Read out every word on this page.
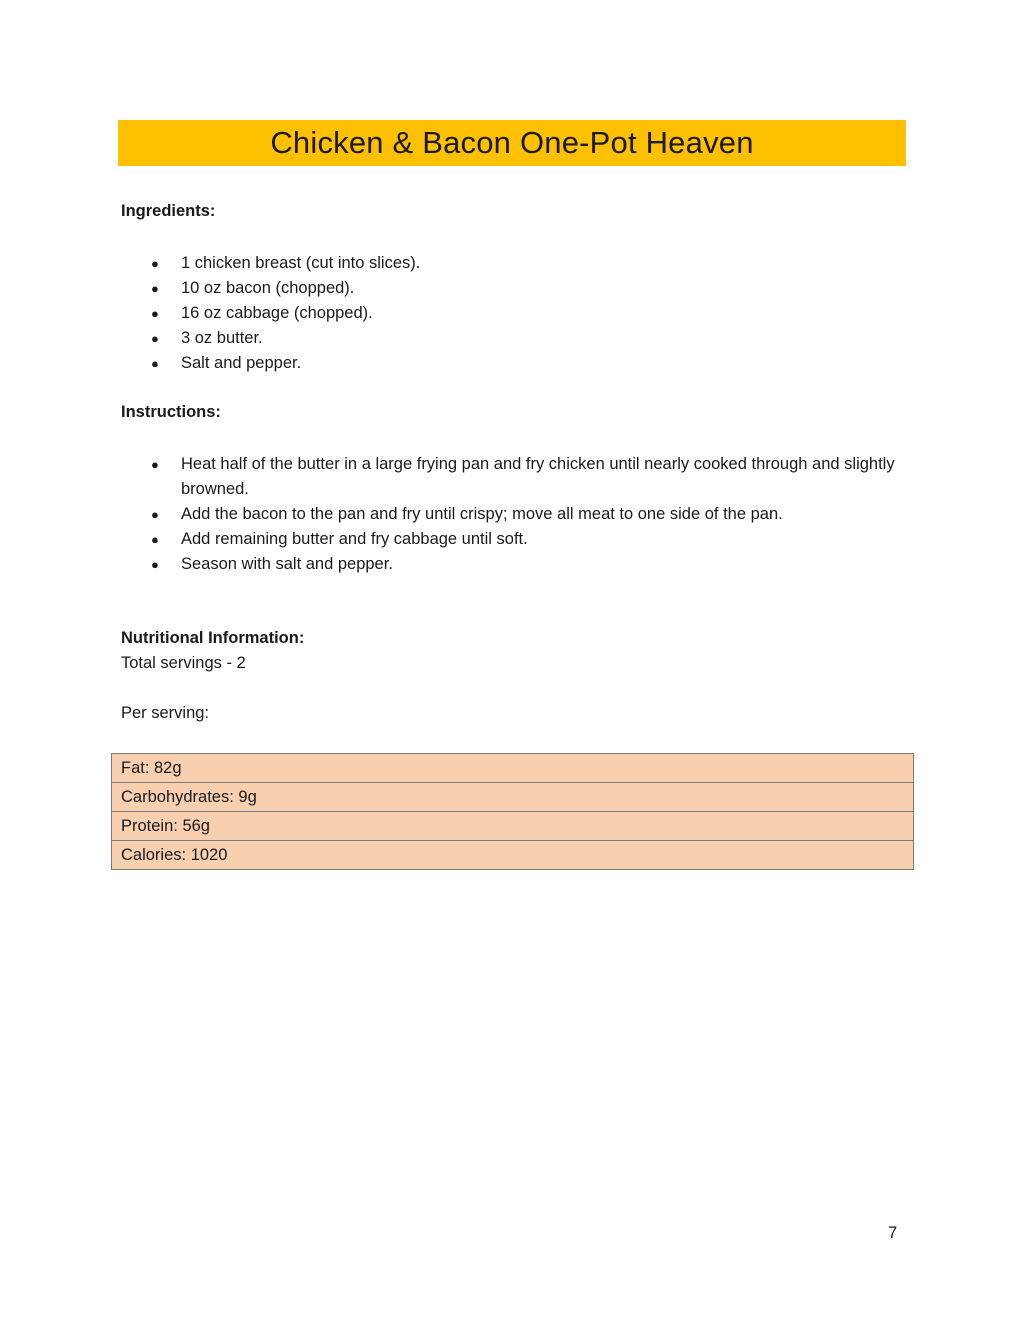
Chicken & Bacon One-Pot Heaven

Ingredients:

● 1 chicken breast (cut into slices).
● 10 oz bacon (chopped).
● 16 oz cabbage (chopped).
● 3 oz butter.
● Salt and pepper.

Instructions:

● Heat half of the butter in a large frying pan and fry chicken until nearly cooked through and slightly browned.
● Add the bacon to the pan and fry until crispy; move all meat to one side of the pan.
● Add remaining butter and fry cabbage until soft.
● Season with salt and pepper.

Nutritional Information:

Total servings - 2

Per serving:

Fat: 82g
Carbohydrates: 9g
Protein: 56g
Calories: 1020
7
